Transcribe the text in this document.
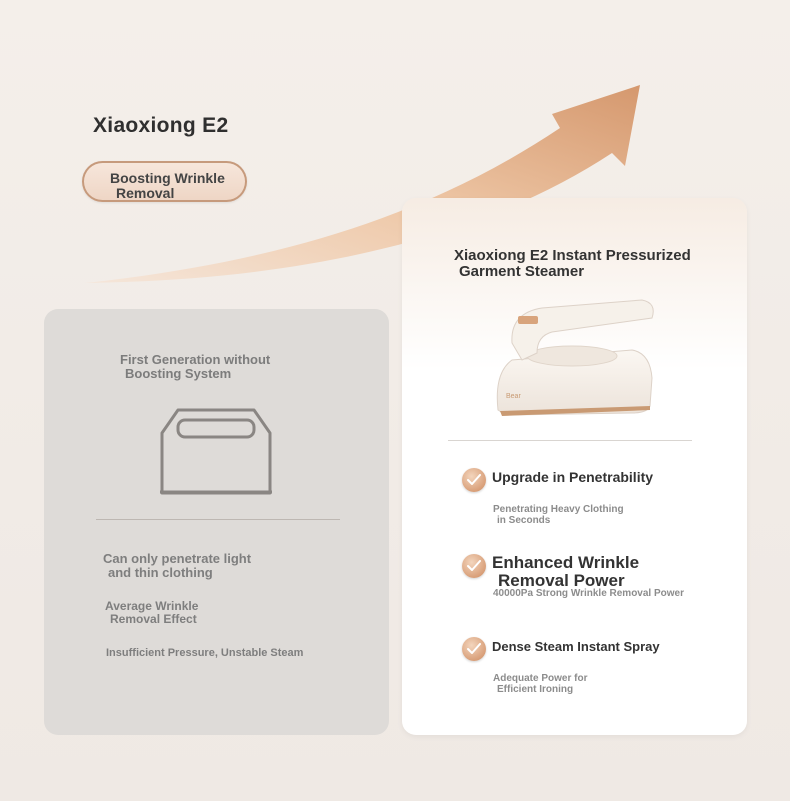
Xiaoxiong E2
Boosting Wrinkle
Removal
First Generation without
Boosting System
Can only penetrate light
and thin clothing
Average Wrinkle
Removal Effect
Insufficient Pressure, Unstable Steam
Xiaoxiong E2 Instant Pressurized
Garment Steamer
Bear
Upgrade in Penetrability
Penetrating Heavy Clothing
in Seconds
Enhanced Wrinkle
Removal Power
40000Pa Strong Wrinkle Removal Power
Dense Steam Instant Spray
Adequate Power for
Efficient Ironing
